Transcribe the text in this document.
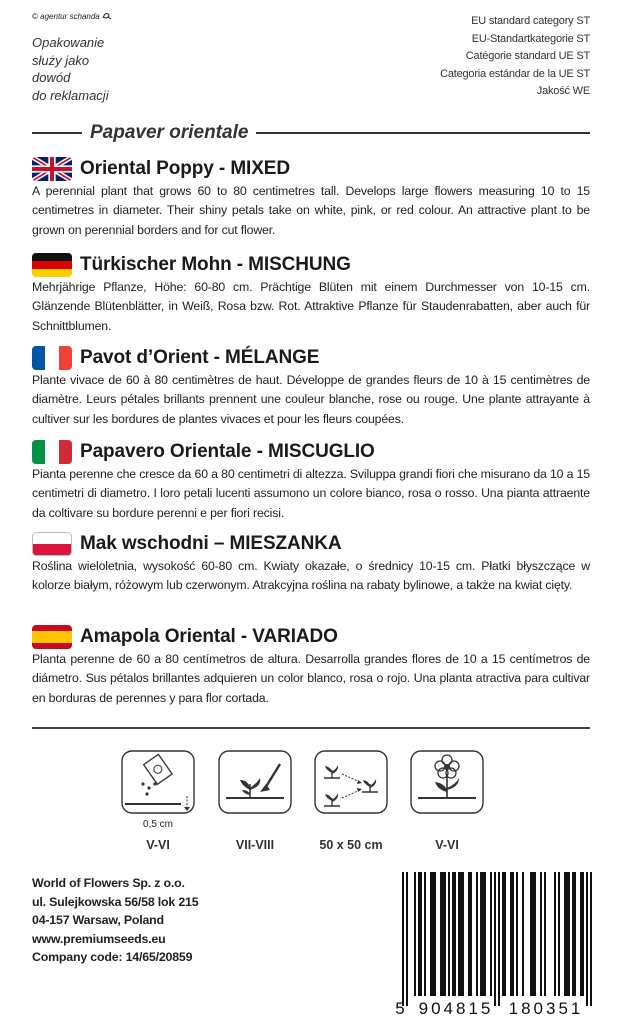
© agentur schanda
Opakowanie
służy jako
dowód
do reklamacji
EU standard category ST
EU-Standartkategorie ST
Catégorie standard UE ST
Categoria estándar de la UE ST
Jakość WE
Papaver orientale
Oriental Poppy - MIXED
A perennial plant that grows 60 to 80 centimetres tall. Develops large flowers measuring 10 to 15 centimetres in diameter. Their shiny petals take on white, pink, or red colour. An attractive plant to be grown on perennial borders and for cut flower.
Türkischer Mohn - MISCHUNG
Mehrjährige Pflanze, Höhe: 60-80 cm. Prächtige Blüten mit einem Durchmesser von 10-15 cm. Glänzende Blütenblätter, in Weiß, Rosa bzw. Rot. Attraktive Pflanze für Staudenrabatten, aber auch für Schnittblumen.
Pavot d’Orient - MÉLANGE
Plante vivace de 60 à 80 centimètres de haut. Développe de grandes fleurs de 10 à 15 centimètres de diamètre. Leurs pétales brillants prennent une couleur blanche, rose ou rouge. Une plante attrayante à cultiver sur les bordures de plantes vivaces et pour les fleurs coupées.
Papavero Orientale - MISCUGLIO
Pianta perenne che cresce da 60 a 80 centimetri di altezza. Sviluppa grandi fiori che misurano da 10 a 15 centimetri di diametro. I loro petali lucenti assumono un colore bianco, rosa o rosso. Una pianta attraente da coltivare su bordure perenni e per fiori recisi.
Mak wschodni – MIESZANKA
Roślina wieloletnia, wysokość 60-80 cm. Kwiaty okazałe, o średnicy 10-15 cm. Płatki błyszczące w kolorze białym, różowym lub czerwonym. Atrakcyjna roślina na rabaty bylinowe, a także na kwiat cięty.
Amapola Oriental - VARIADO
Planta perenne de 60 a 80 centímetros de altura. Desarrolla grandes flores de 10 a 15 centímetros de diámetro. Sus pétalos brillantes adquieren un color blanco, rosa o rojo. Una planta atractiva para cultivar en borduras de perennes y para flor cortada.
0,5 cm
V-VI	VII-VIII	50 x 50 cm	V-VI
World of Flowers Sp. z o.o.
ul. Sulejkowska 56/58 lok 215
04-157 Warsaw, Poland
www.premiumseeds.eu
Company code: 14/65/20859
5 904815 180351
